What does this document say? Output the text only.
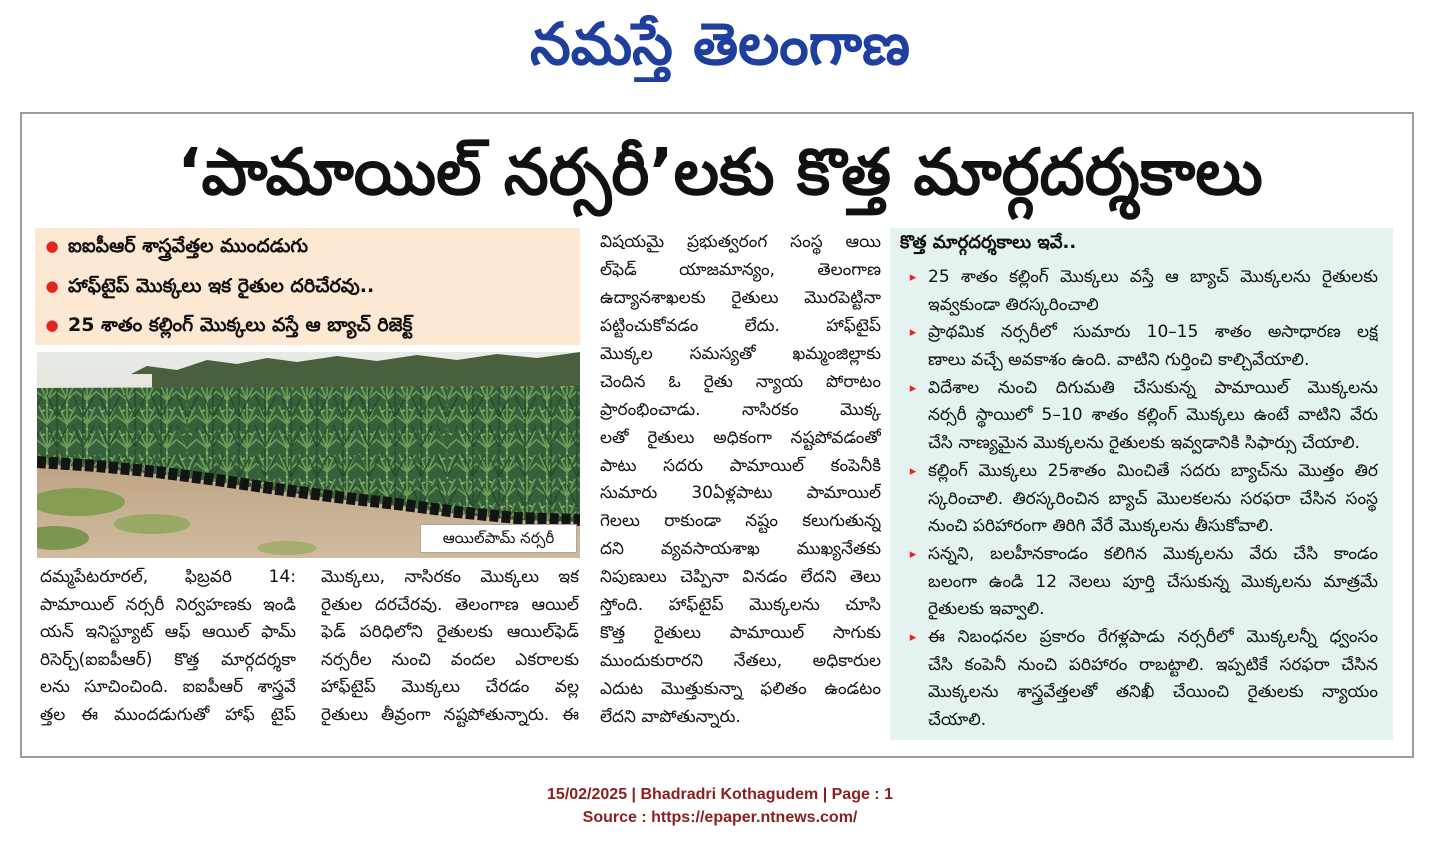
నమస్తే తెలంగాణ
‘పామాయిల్ నర్సరీ’లకు కొత్త మార్గదర్శకాలు
● ఐఐపీఆర్ శాస్త్రవేత్తల ముందడుగు
● హాఫ్‌టైప్ మొక్కలు ఇక రైతుల దరిచేరవు..
● 25 శాతం కల్లింగ్ మొక్కలు వస్తే ఆ బ్యాచ్ రిజెక్ట్
ఆయిల్‌పామ్ నర్సరీ
దమ్మపేటరూరల్, ఫిబ్రవరి 14:
పామాయిల్ నర్సరీ నిర్వహణకు ఇండి
యన్ ఇనిస్ట్యూట్ ఆఫ్ ఆయిల్ ఫామ్
రిసెర్చ్(ఐఐపీఆర్) కొత్త మార్గదర్శకా
లను సూచించింది. ఐఐపీఆర్ శాస్త్రవే
త్తల ఈ ముందడుగుతో హాఫ్ టైప్
మొక్కలు, నాసిరకం మొక్కలు ఇక
రైతుల దరచేరవు. తెలంగాణ ఆయిల్
ఫెడ్ పరిధిలోని రైతులకు ఆయిల్‌ఫెడ్
నర్సరీల నుంచి వందల ఎకరాలకు
హాఫ్‌టైప్ మొక్కలు చేరడం వల్ల
రైతులు తీవ్రంగా నష్టపోతున్నారు. ఈ
విషయమై ప్రభుత్వరంగ సంస్థ ఆయి
ల్‌ఫెడ్ యాజమాన్యం, తెలంగాణ
ఉద్యానశాఖలకు రైతులు మొరపెట్టినా
పట్టించుకోవడం లేదు. హాఫ్‌టైప్
మొక్కల సమస్యతో ఖమ్మంజిల్లాకు
చెందిన ఓ రైతు న్యాయ పోరాటం
ప్రారంభించాడు. నాసిరకం మొక్క
లతో రైతులు అధికంగా నష్టపోవడంతో
పాటు సదరు పామాయిల్ కంపెనీకి
సుమారు 30ఏళ్లపాటు పామాయిల్
గెలలు రాకుండా నష్టం కలుగుతున్న
దని వ్యవసాయశాఖ ముఖ్యనేతకు
నిపుణులు చెప్పినా వినడం లేదని తెలు
స్తోంది. హాఫ్‌టైప్ మొక్కలను చూసి
కొత్త రైతులు పామాయిల్ సాగుకు
ముందుకురారని నేతలు, అధికారుల
ఎదుట మొత్తుకున్నా ఫలితం ఉండటం
లేదని వాపోతున్నారు.
కొత్త మార్గదర్శకాలు ఇవే..
▸ 25 శాతం కల్లింగ్ మొక్కలు వస్తే ఆ బ్యాచ్ మొక్కలను రైతులకు
ఇవ్వకుండా తిరస్కరించాలి
▸ ప్రాథమిక నర్సరీలో సుమారు 10–15 శాతం అసాధారణ లక్ష
ణాలు వచ్చే అవకాశం ఉంది. వాటిని గుర్తించి కాల్చివేయాలి.
▸ విదేశాల నుంచి దిగుమతి చేసుకున్న పామాయిల్ మొక్కలను
నర్సరీ స్థాయిలో 5–10 శాతం కల్లింగ్ మొక్కలు ఉంటే వాటిని వేరు
చేసి నాణ్యమైన మొక్కలను రైతులకు ఇవ్వడానికి సిఫార్సు చేయాలి.
▸ కల్లింగ్ మొక్కలు 25శాతం మించితే సదరు బ్యాచ్‌ను మొత్తం తిర
స్కరించాలి. తిరస్కరించిన బ్యాచ్ మొలకలను సరఫరా చేసిన సంస్థ
నుంచి పరిహారంగా తిరిగి వేరే మొక్కలను తీసుకోవాలి.
▸ సన్నని, బలహీనకాండం కలిగిన మొక్కలను వేరు చేసి కాండం
బలంగా ఉండి 12 నెలలు పూర్తి చేసుకున్న మొక్కలను మాత్రమే
రైతులకు ఇవ్వాలి.
▸ ఈ నిబంధనల ప్రకారం రేగళ్లపాడు నర్సరీలో మొక్కలన్నీ ధ్వంసం
చేసి కంపెనీ నుంచి పరిహారం రాబట్టాలి. ఇప్పటికే సరఫరా చేసిన
మొక్కలను శాస్త్రవేత్తలతో తనిఖీ చేయించి రైతులకు న్యాయం
చేయాలి.
15/02/2025 | Bhadradri Kothagudem | Page : 1
Source : https://epaper.ntnews.com/
